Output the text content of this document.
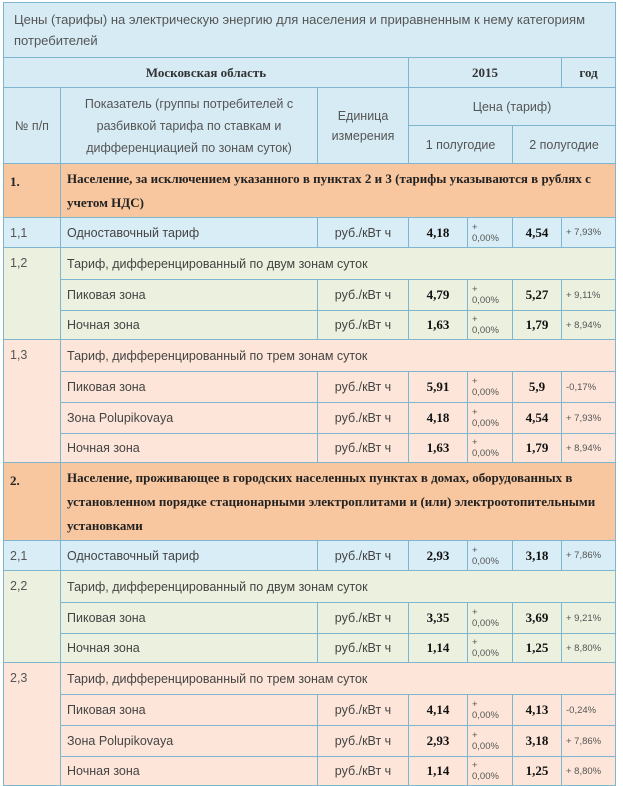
Цены (тарифы) на электрическую энергию для населения и приравненным к нему категориям потребителей						
Московская область			2015			год
№ п/п	Показатель (группы потребителей с разбивкой тарифа по ставкам и дифференциацией по зонам суток)	Единица измерения	Цена (тариф)			
			1 полугодие		2 полугодие	
1.	Население, за исключением указанного в пунктах 2 и 3 (тарифы указываются в рублях с учетом НДС)					
1,1	Одноставочный тариф	руб./кВт ч	4,18	+ 0,00%	4,54	+ 7,93%
1,2	Тариф, дифференцированный по двум зонам суток					
	Пиковая зона	руб./кВт ч	4,79	+ 0,00%	5,27	+ 9,11%
	Ночная зона	руб./кВт ч	1,63	+ 0,00%	1,79	+ 8,94%
1,3	Тариф, дифференцированный по трем зонам суток					
	Пиковая зона	руб./кВт ч	5,91	+ 0,00%	5,9	-0,17%
	Зона Polupikovaya	руб./кВт ч	4,18	+ 0,00%	4,54	+ 7,93%
	Ночная зона	руб./кВт ч	1,63	+ 0,00%	1,79	+ 8,94%
2.	Население, проживающее в городских населенных пунктах в домах, оборудованных в установленном порядке стационарными электроплитами и (или) электроотопительными установками					
2,1	Одноставочный тариф	руб./кВт ч	2,93	+ 0,00%	3,18	+ 7,86%
2,2	Тариф, дифференцированный по двум зонам суток					
	Пиковая зона	руб./кВт ч	3,35	+ 0,00%	3,69	+ 9,21%
	Ночная зона	руб./кВт ч	1,14	+ 0,00%	1,25	+ 8,80%
2,3	Тариф, дифференцированный по трем зонам суток					
	Пиковая зона	руб./кВт ч	4,14	+ 0,00%	4,13	-0,24%
	Зона Polupikovaya	руб./кВт ч	2,93	+ 0,00%	3,18	+ 7,86%
	Ночная зона	руб./кВт ч	1,14	+ 0,00%	1,25	+ 8,80%
